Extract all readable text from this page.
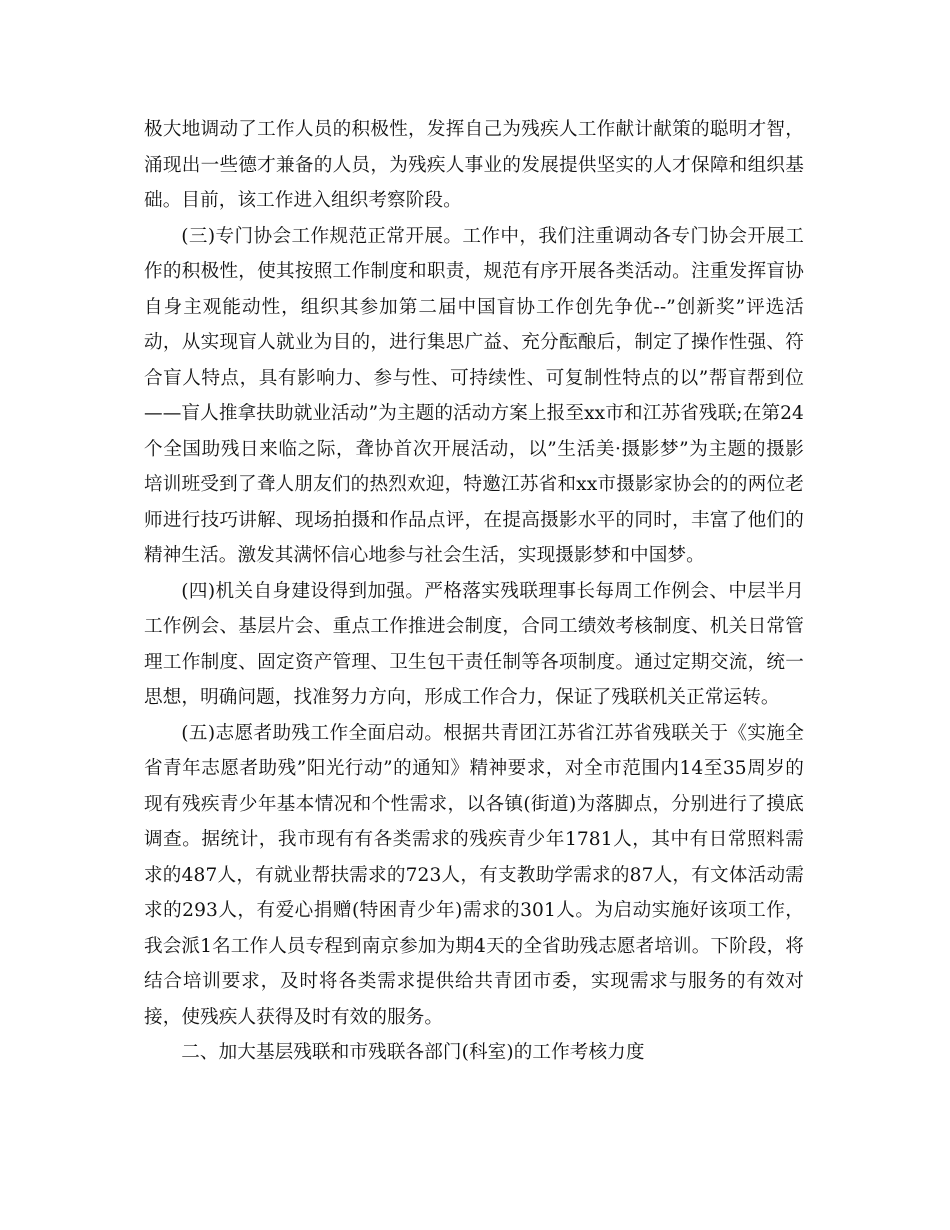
极大地调动了工作人员的积极性，发挥自己为残疾人工作献计献策的聪明才智，涌现出一些德才兼备的人员，为残疾人事业的发展提供坚实的人才保障和组织基础。目前，该工作进入组织考察阶段。

(三)专门协会工作规范正常开展。工作中，我们注重调动各专门协会开展工作的积极性，使其按照工作制度和职责，规范有序开展各类活动。注重发挥盲协自身主观能动性，组织其参加第二届中国盲协工作创先争优--”创新奖”评选活动，从实现盲人就业为目的，进行集思广益、充分酝酿后，制定了操作性强、符合盲人特点，具有影响力、参与性、可持续性、可复制性特点的以”帮盲帮到位——盲人推拿扶助就业活动”为主题的活动方案上报至xx市和江苏省残联;在第24个全国助残日来临之际，聋协首次开展活动，以”生活美·摄影梦”为主题的摄影培训班受到了聋人朋友们的热烈欢迎，特邀江苏省和xx市摄影家协会的的两位老师进行技巧讲解、现场拍摄和作品点评，在提高摄影水平的同时，丰富了他们的精神生活。激发其满怀信心地参与社会生活，实现摄影梦和中国梦。

(四)机关自身建设得到加强。严格落实残联理事长每周工作例会、中层半月工作例会、基层片会、重点工作推进会制度，合同工绩效考核制度、机关日常管理工作制度、固定资产管理、卫生包干责任制等各项制度。通过定期交流，统一思想，明确问题，找准努力方向，形成工作合力，保证了残联机关正常运转。

(五)志愿者助残工作全面启动。根据共青团江苏省江苏省残联关于《实施全省青年志愿者助残”阳光行动”的通知》精神要求，对全市范围内14至35周岁的现有残疾青少年基本情况和个性需求，以各镇(街道)为落脚点，分别进行了摸底调查。据统计，我市现有有各类需求的残疾青少年1781人，其中有日常照料需求的487人，有就业帮扶需求的723人，有支教助学需求的87人，有文体活动需求的293人，有爱心捐赠(特困青少年)需求的301人。为启动实施好该项工作，我会派1名工作人员专程到南京参加为期4天的全省助残志愿者培训。下阶段，将结合培训要求，及时将各类需求提供给共青团市委，实现需求与服务的有效对接，使残疾人获得及时有效的服务。

二、加大基层残联和市残联各部门(科室)的工作考核力度
